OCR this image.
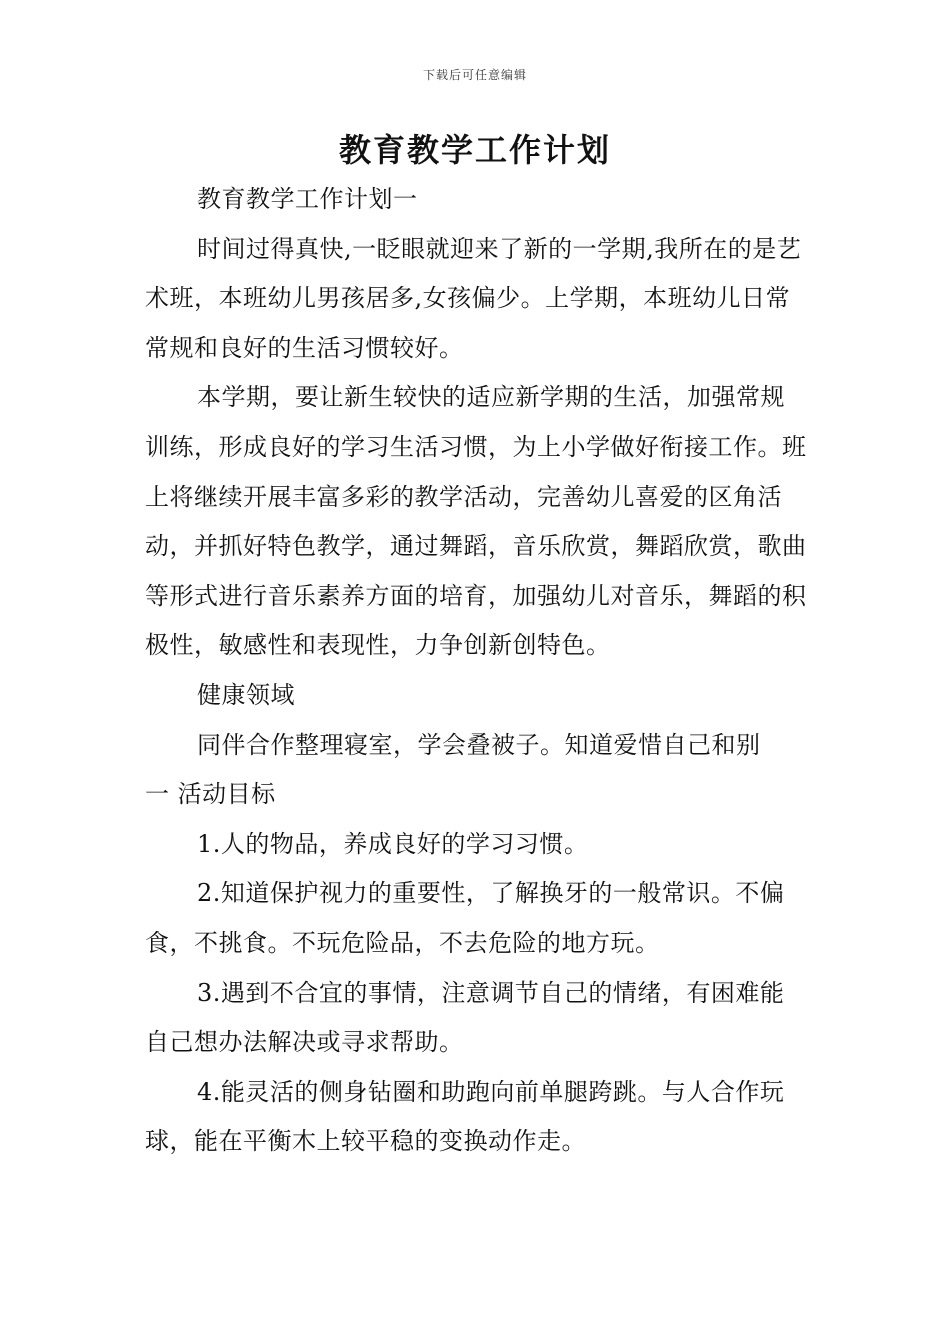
下载后可任意编辑
教育教学工作计划

教育教学工作计划一

时间过得真快,一眨眼就迎来了新的一学期,我所在的是艺术班，本班幼儿男孩居多,女孩偏少。上学期，本班幼儿日常常规和良好的生活习惯较好。

本学期，要让新生较快的适应新学期的生活，加强常规训练，形成良好的学习生活习惯，为上小学做好衔接工作。班上将继续开展丰富多彩的教学活动，完善幼儿喜爱的区角活动，并抓好特色教学，通过舞蹈，音乐欣赏，舞蹈欣赏，歌曲等形式进行音乐素养方面的培育，加强幼儿对音乐，舞蹈的积极性，敏感性和表现性，力争创新创特色。

健康领域

同伴合作整理寝室，学会叠被子。知道爱惜自己和别

一 活动目标

1.人的物品，养成良好的学习习惯。

2.知道保护视力的重要性，了解换牙的一般常识。不偏食，不挑食。不玩危险品，不去危险的地方玩。

3.遇到不合宜的事情，注意调节自己的情绪，有困难能自己想办法解决或寻求帮助。

4.能灵活的侧身钻圈和助跑向前单腿跨跳。与人合作玩球，能在平衡木上较平稳的变换动作走。
